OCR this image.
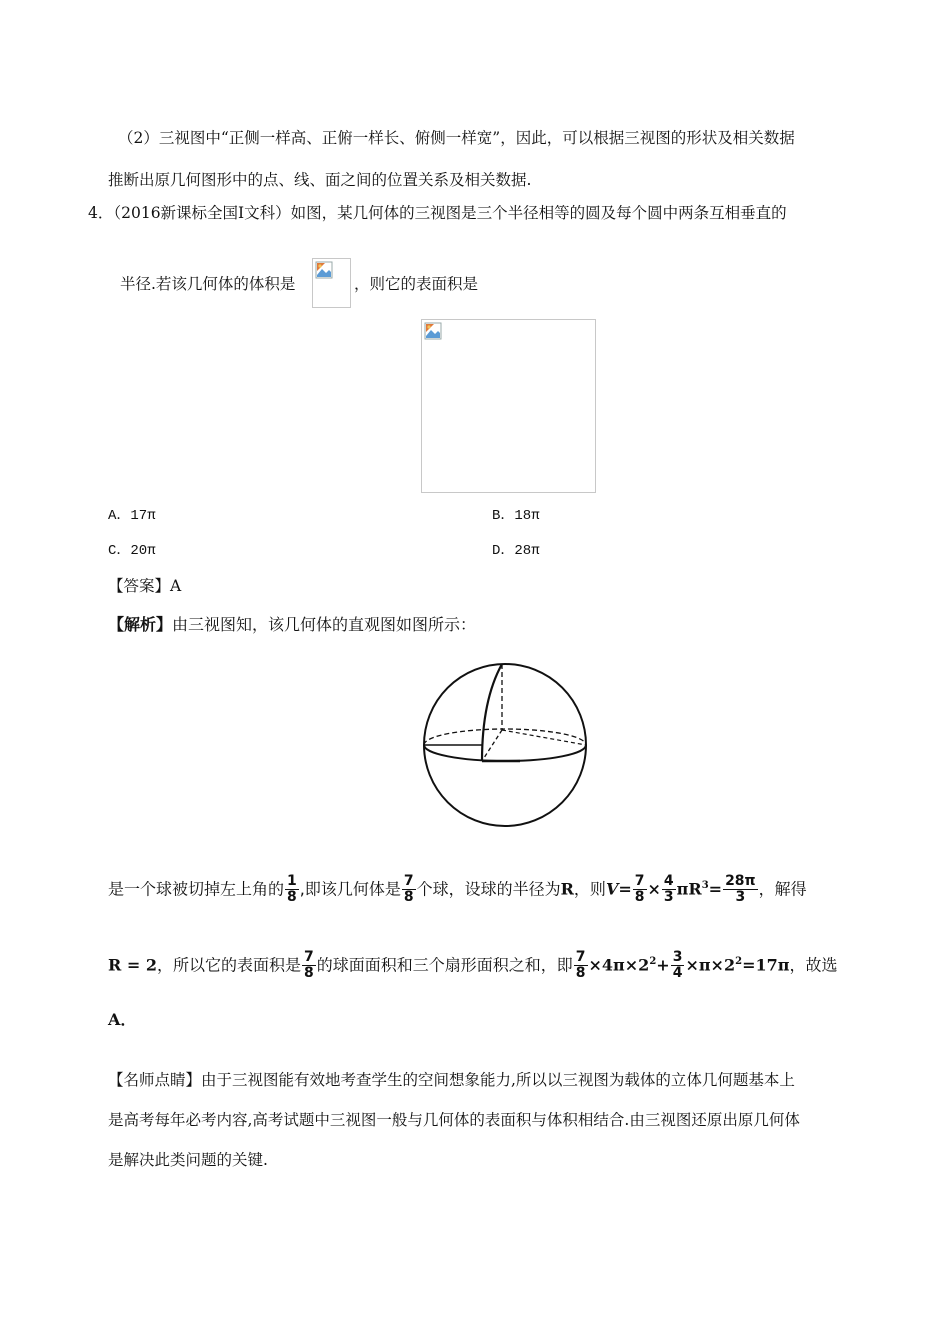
（2）三视图中“正侧一样高、正俯一样长、俯侧一样宽”，因此，可以根据三视图的形状及相关数据
推断出原几何图形中的点、线、面之间的位置关系及相关数据.
4．（2016新课标全国Ⅰ文科）如图，某几何体的三视图是三个半径相等的圆及每个圆中两条互相垂直的
半径.若该几何体的体积是	，则它的表面积是
A．17π	B．18π
C．20π	D．28π
【答案】A
【解析】由三视图知，该几何体的直观图如图所示：
是一个球被切掉左上角的 $\frac{1}{8}$ ,即该几何体是 $\frac{7}{8}$ 个球，设球的半径为R，则$V= \frac{7}{8} \times \frac{4}{3} \pi R^3= \frac{28\pi}{3}$ ，解得
R = 2，所以它的表面积是 $\frac{7}{8}$ 的球面面积和三个扇形面积之和，即 $\frac{7}{8} \times 4\pi\times 2^2+ \frac{3}{4} \times\pi\times 2^2=17\pi$，故选
A．
【名师点睛】由于三视图能有效地考查学生的空间想象能力,所以以三视图为载体的立体几何题基本上
是高考每年必考内容,高考试题中三视图一般与几何体的表面积与体积相结合.由三视图还原出原几何体
是解决此类问题的关键.
